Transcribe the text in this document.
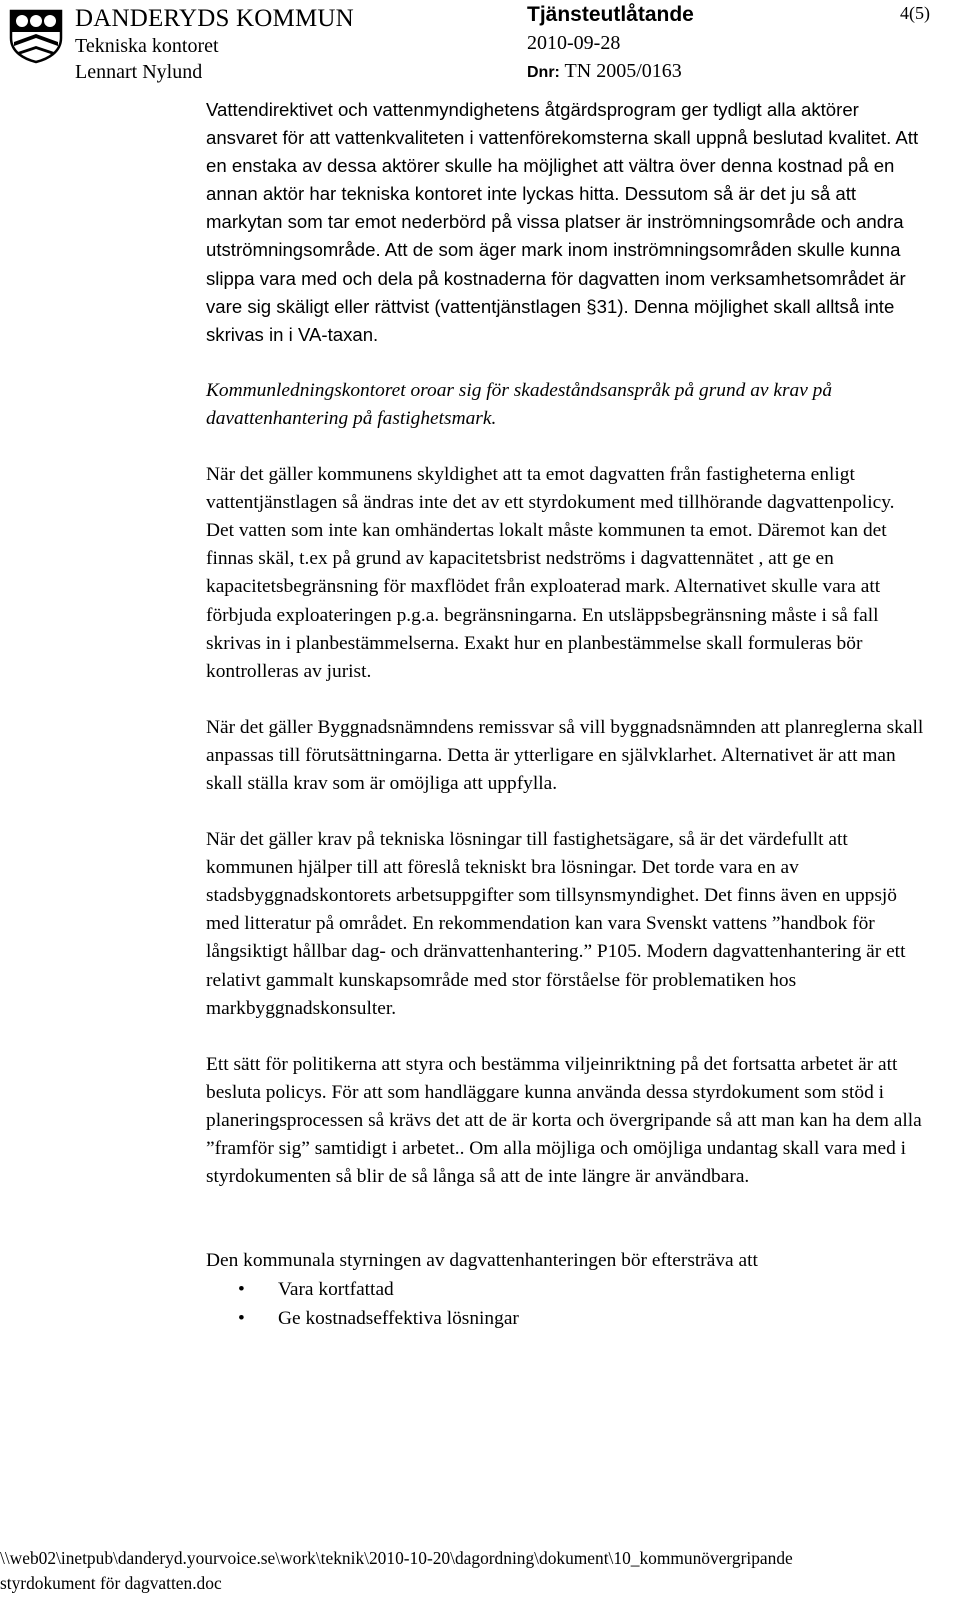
DANDERYDS KOMMUN
Tekniska kontoret
Lennart Nylund
Tjänsteutlåtande
2010-09-28
Dnr: TN 2005/0163
4(5)

Vattendirektivet och vattenmyndighetens åtgärdsprogram ger tydligt alla aktörer ansvaret för att vattenkvaliteten i vattenförekomsterna skall uppnå beslutad kvalitet. Att en enstaka av dessa aktörer skulle ha möjlighet att vältra över denna kostnad på en annan aktör har tekniska kontoret inte lyckas hitta. Dessutom så är det ju så att markytan som tar emot nederbörd på vissa platser är inströmningsområde och andra utströmningsområde. Att de som äger mark inom inströmningsområden skulle kunna slippa vara med och dela på kostnaderna för dagvatten inom verksamhetsområdet är vare sig skäligt eller rättvist (vattentjänstlagen §31). Denna möjlighet skall alltså inte skrivas in i VA-taxan.

Kommunledningskontoret oroar sig för skadeståndsanspråk på grund av krav på davattenhantering på fastighetsmark.

När det gäller kommunens skyldighet att ta emot dagvatten från fastigheterna enligt vattentjänstlagen så ändras inte det av ett styrdokument med tillhörande dagvattenpolicy. Det vatten som inte kan omhändertas lokalt måste kommunen ta emot. Däremot kan det finnas skäl, t.ex på grund av kapacitetsbrist nedströms i dagvattennätet , att ge en kapacitetsbegränsning för maxflödet från exploaterad mark. Alternativet skulle vara att förbjuda exploateringen p.g.a. begränsningarna. En utsläppsbegränsning måste i så fall skrivas in i planbestämmelserna. Exakt hur en planbestämmelse skall formuleras bör kontrolleras av jurist.

När det gäller Byggnadsnämndens remissvar så vill byggnadsnämnden att planreglerna skall anpassas till förutsättningarna. Detta är ytterligare en självklarhet. Alternativet är att man skall ställa krav som är omöjliga att uppfylla.

När det gäller krav på tekniska lösningar till fastighetsägare, så är det värdefullt att kommunen hjälper till att föreslå tekniskt bra lösningar. Det torde vara en av stadsbyggnadskontorets arbetsuppgifter som tillsynsmyndighet. Det finns även en uppsjö med litteratur på området. En rekommendation kan vara Svenskt vattens ”handbok för långsiktigt hållbar dag- och dränvattenhantering.” P105. Modern dagvattenhantering är ett relativt gammalt kunskapsområde med stor förståelse för problematiken hos markbyggnadskonsulter.

Ett sätt för politikerna att styra och bestämma viljeinriktning på det fortsatta arbetet är att besluta policys. För att som handläggare kunna använda dessa styrdokument som stöd i planeringsprocessen så krävs det att de är korta och övergripande så att man kan ha dem alla ”framför sig” samtidigt i arbetet.. Om alla möjliga och omöjliga undantag skall vara med i styrdokumenten så blir de så långa så att de inte längre är användbara.

Den kommunala styrningen av dagvattenhanteringen bör eftersträva att

• Vara kortfattad
• Ge kostnadseffektiva lösningar
\\web02\inetpub\danderyd.yourvoice.se\work\teknik\2010-10-20\dagordning\dokument\10_kommunövergripande
styrdokument för dagvatten.doc
